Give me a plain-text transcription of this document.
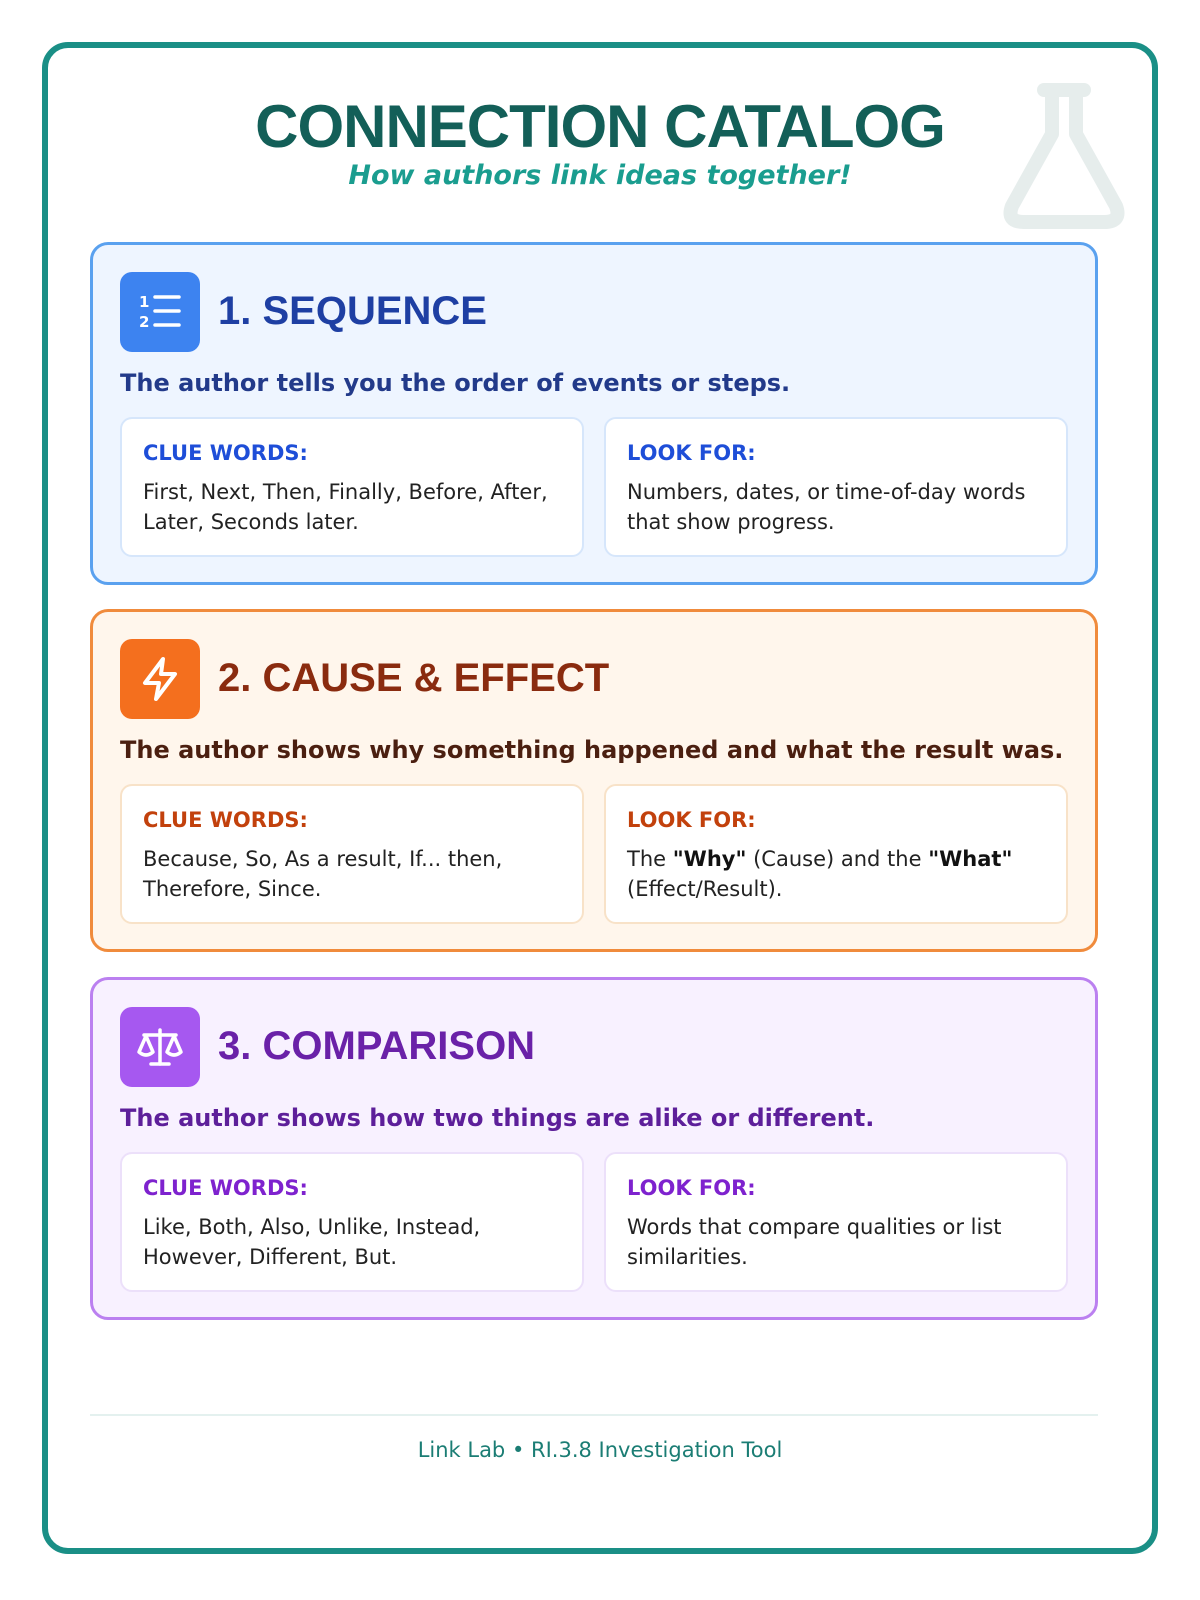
CONNECTION CATALOG
How authors link ideas together!
1
2 1. SEQUENCE
The author tells you the order of events or steps.
CLUE WORDS:
First, Next, Then, Finally, Before, After, Later, Seconds later.
LOOK FOR:
Numbers, dates, or time-of-day words that show progress.
2. CAUSE & EFFECT
The author shows why something happened and what the result was.
CLUE WORDS:
Because, So, As a result, If... then, Therefore, Since.
LOOK FOR:
The "Why" (Cause) and the "What" (Effect/Result).
3. COMPARISON
The author shows how two things are alike or different.
CLUE WORDS:
Like, Both, Also, Unlike, Instead, However, Different, But.
LOOK FOR:
Words that compare qualities or list similarities.
Link Lab • RI.3.8 Investigation Tool
